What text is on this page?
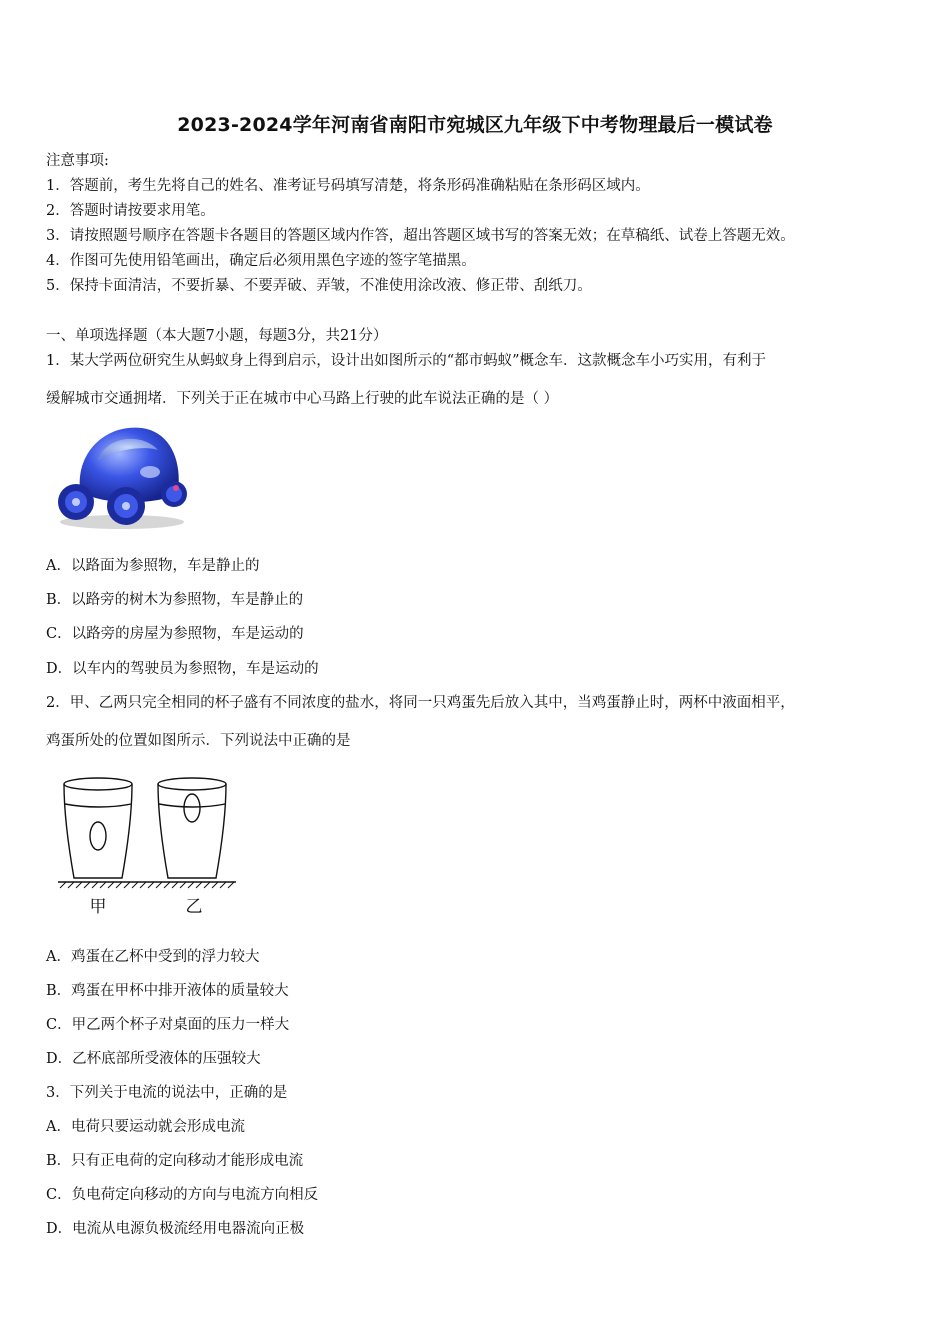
2023-2024学年河南省南阳市宛城区九年级下中考物理最后一模试卷
注意事项:
1．答题前，考生先将自己的姓名、准考证号码填写清楚，将条形码准确粘贴在条形码区域内。
2．答题时请按要求用笔。
3．请按照题号顺序在答题卡各题目的答题区域内作答，超出答题区域书写的答案无效；在草稿纸、试卷上答题无效。
4．作图可先使用铅笔画出，确定后必须用黑色字迹的签字笔描黑。
5．保持卡面清洁，不要折暴、不要弄破、弄皱，不准使用涂改液、修正带、刮纸刀。
一、单项选择题（本大题7小题，每题3分，共21分）
1．某大学两位研究生从蚂蚁身上得到启示，设计出如图所示的“都市蚂蚁”概念车．这款概念车小巧实用，有利于
缓解城市交通拥堵．下列关于正在城市中心马路上行驶的此车说法正确的是（ ）
A．以路面为参照物，车是静止的
B．以路旁的树木为参照物，车是静止的
C．以路旁的房屋为参照物，车是运动的
D．以车内的驾驶员为参照物，车是运动的
2．甲、乙两只完全相同的杯子盛有不同浓度的盐水，将同一只鸡蛋先后放入其中，当鸡蛋静止时，两杯中液面相平，
鸡蛋所处的位置如图所示．下列说法中正确的是
甲	乙
A．鸡蛋在乙杯中受到的浮力较大
B．鸡蛋在甲杯中排开液体的质量较大
C．甲乙两个杯子对桌面的压力一样大
D．乙杯底部所受液体的压强较大
3．下列关于电流的说法中，正确的是
A．电荷只要运动就会形成电流
B．只有正电荷的定向移动才能形成电流
C．负电荷定向移动的方向与电流方向相反
D．电流从电源负极流经用电器流向正极
